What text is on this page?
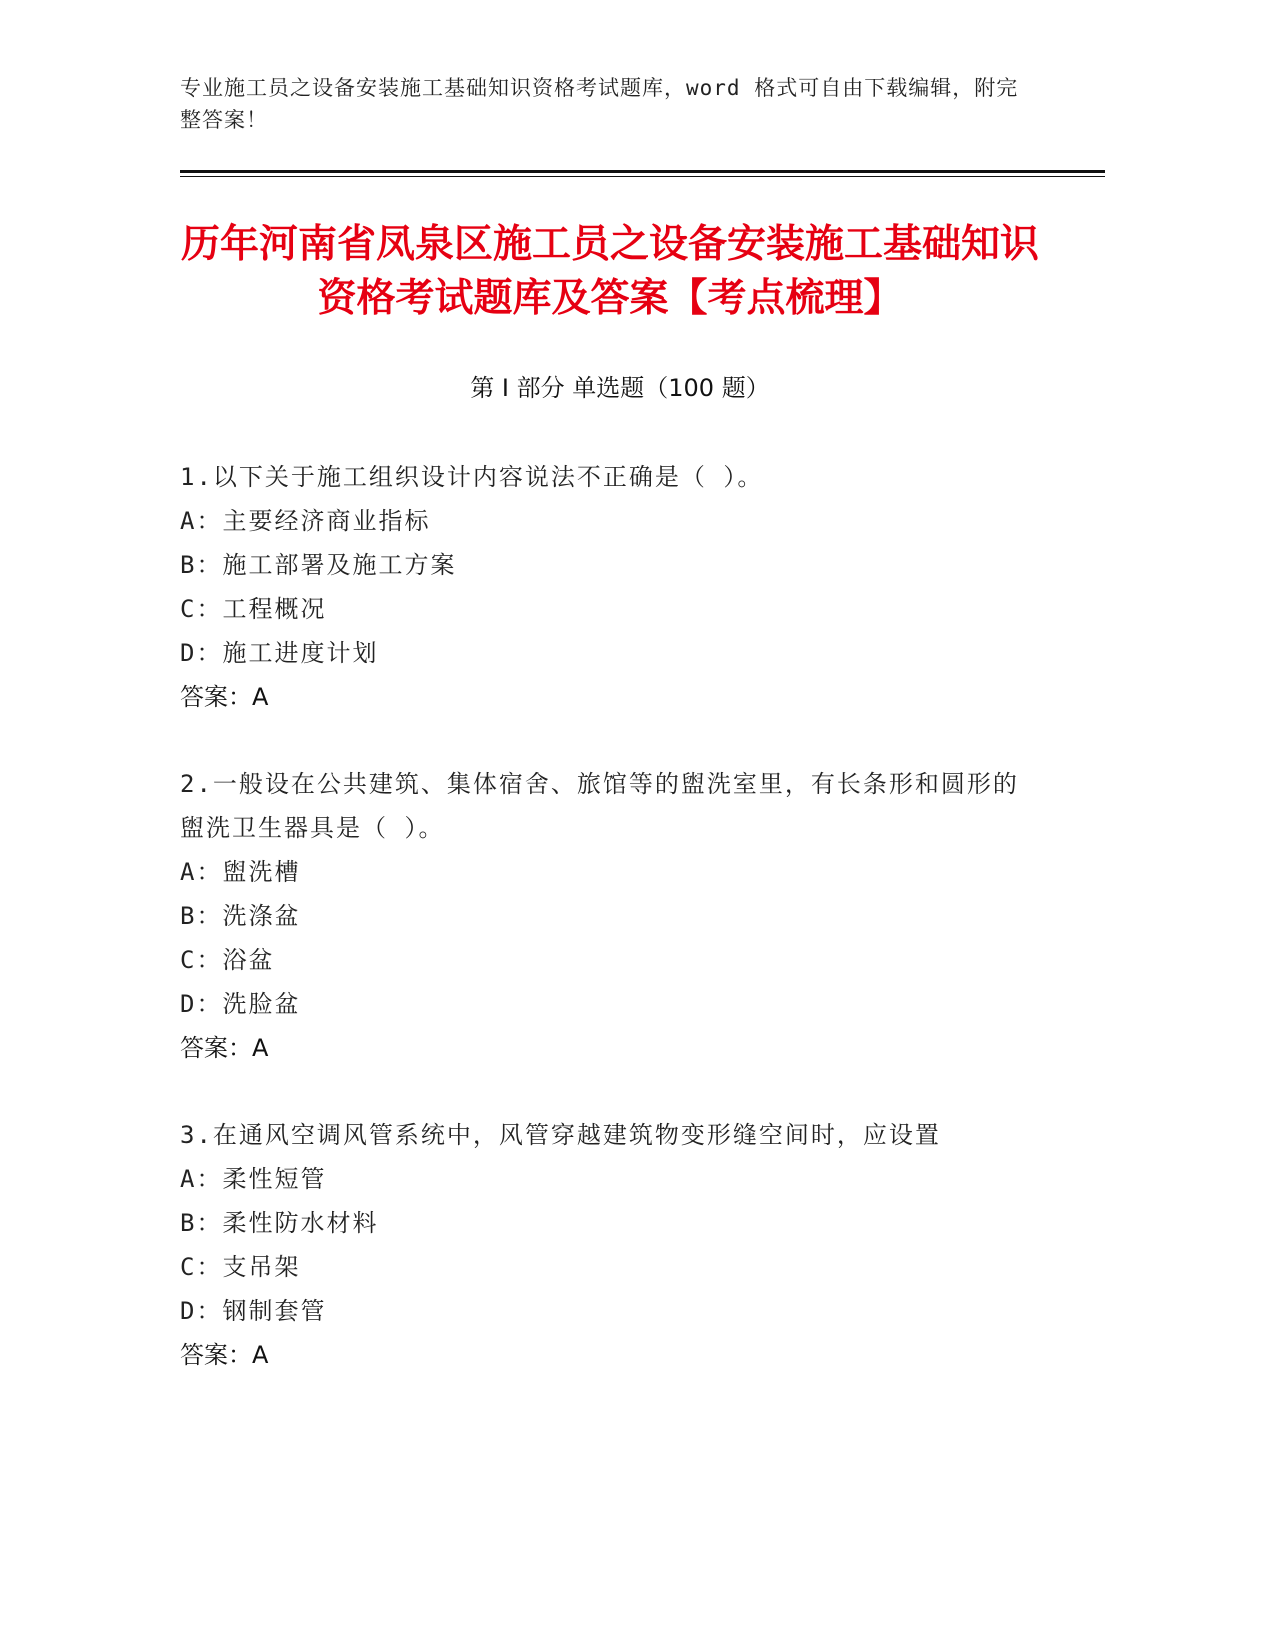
专业施工员之设备安装施工基础知识资格考试题库，word 格式可自由下载编辑，附完整答案！
历年河南省凤泉区施工员之设备安装施工基础知识资格考试题库及答案【考点梳理】
第 I 部分 单选题（100 题）
1.以下关于施工组织设计内容说法不正确是（ ）。
A：主要经济商业指标
B：施工部署及施工方案
C：工程概况
D：施工进度计划
答案：A
2.一般设在公共建筑、集体宿舍、旅馆等的盥洗室里，有长条形和圆形的盥洗卫生器具是（ ）。
A：盥洗槽
B：洗涤盆
C：浴盆
D：洗脸盆
答案：A
3.在通风空调风管系统中，风管穿越建筑物变形缝空间时，应设置
A：柔性短管
B：柔性防水材料
C：支吊架
D：钢制套管
答案：A
